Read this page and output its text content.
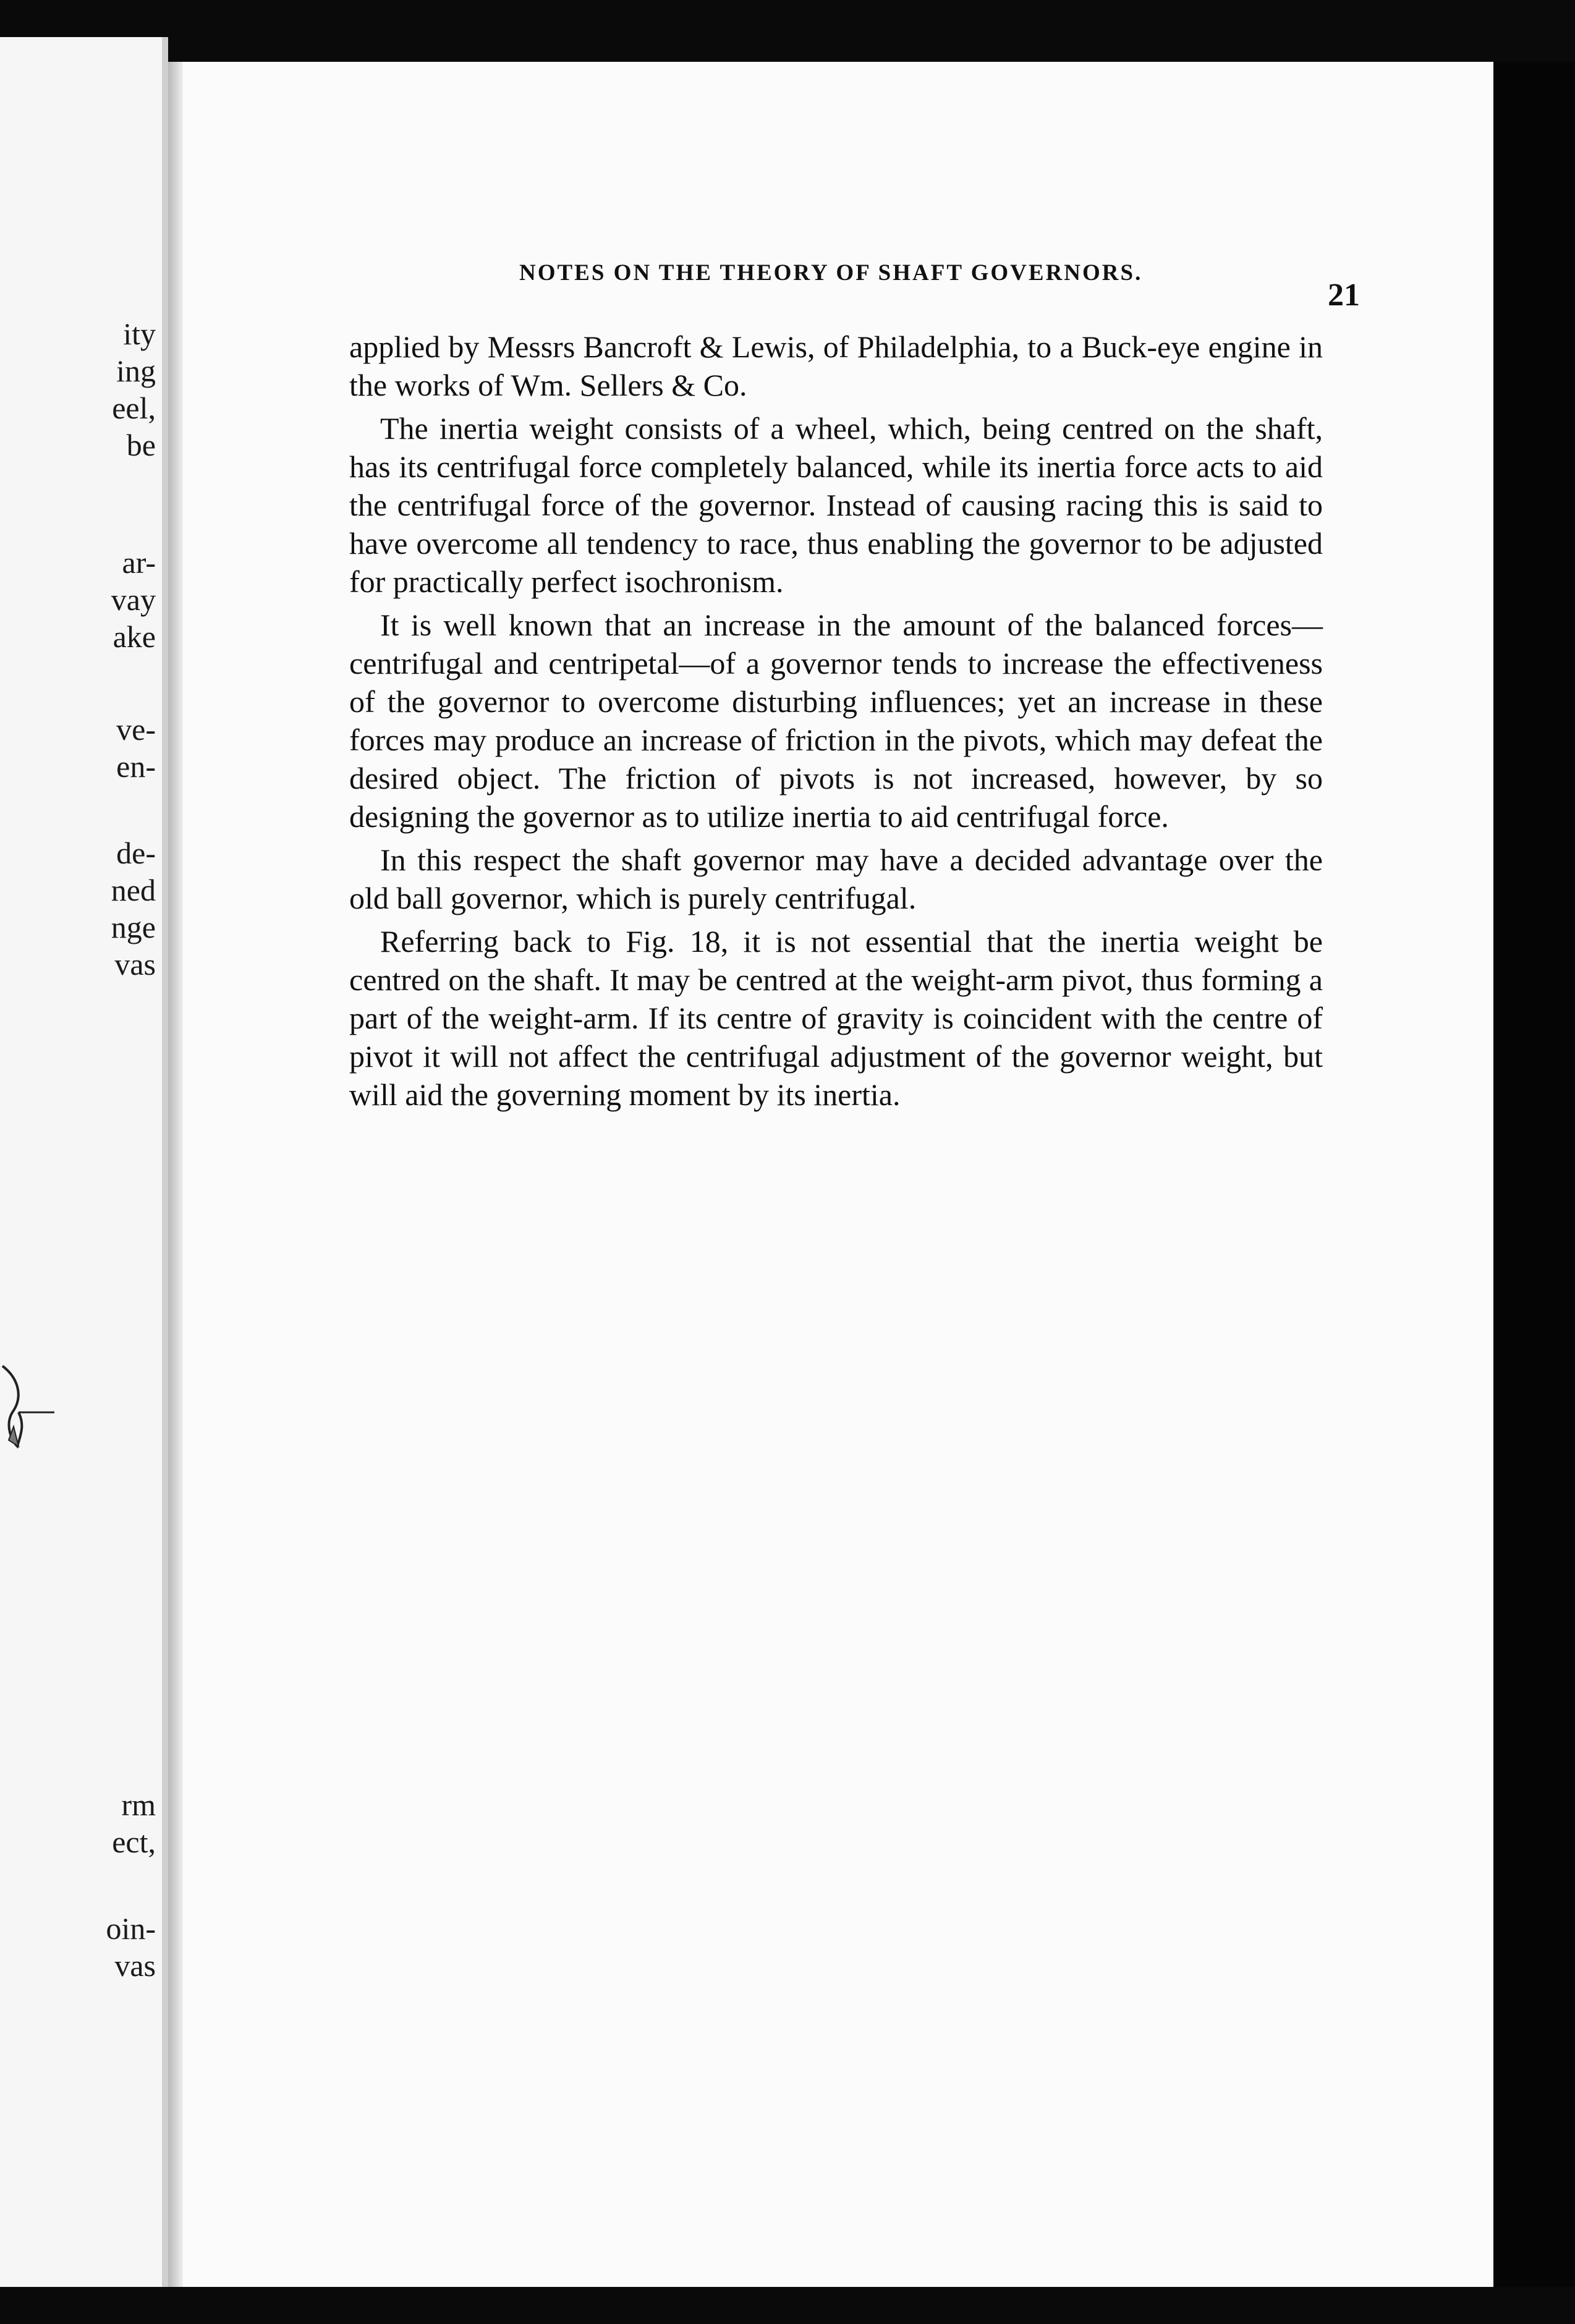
ity
ing
eel,
be
ar-
vay
ake
ve-
en-
de-
ned
nge
vas
rm
ect,
oin-
vas
NOTES ON THE THEORY OF SHAFT GOVERNORS.
21

applied by Messrs Bancroft & Lewis, of Philadelphia, to a Buck-eye engine in the works of Wm. Sellers & Co.

The inertia weight consists of a wheel, which, being centred on the shaft, has its centrifugal force completely balanced, while its inertia force acts to aid the centrifugal force of the governor. Instead of causing racing this is said to have overcome all tendency to race, thus enabling the governor to be adjusted for practically perfect isochronism.

It is well known that an increase in the amount of the balanced forces—centrifugal and centripetal—of a governor tends to increase the effectiveness of the governor to overcome disturbing influences; yet an increase in these forces may produce an increase of friction in the pivots, which may defeat the desired object. The friction of pivots is not increased, however, by so designing the governor as to utilize inertia to aid centrifugal force.

In this respect the shaft governor may have a decided advantage over the old ball governor, which is purely centrifugal.

Referring back to Fig. 18, it is not essential that the inertia weight be centred on the shaft. It may be centred at the weight-arm pivot, thus forming a part of the weight-arm. If its centre of gravity is coincident with the centre of pivot it will not affect the centrifugal adjustment of the governor weight, but will aid the governing moment by its inertia.
